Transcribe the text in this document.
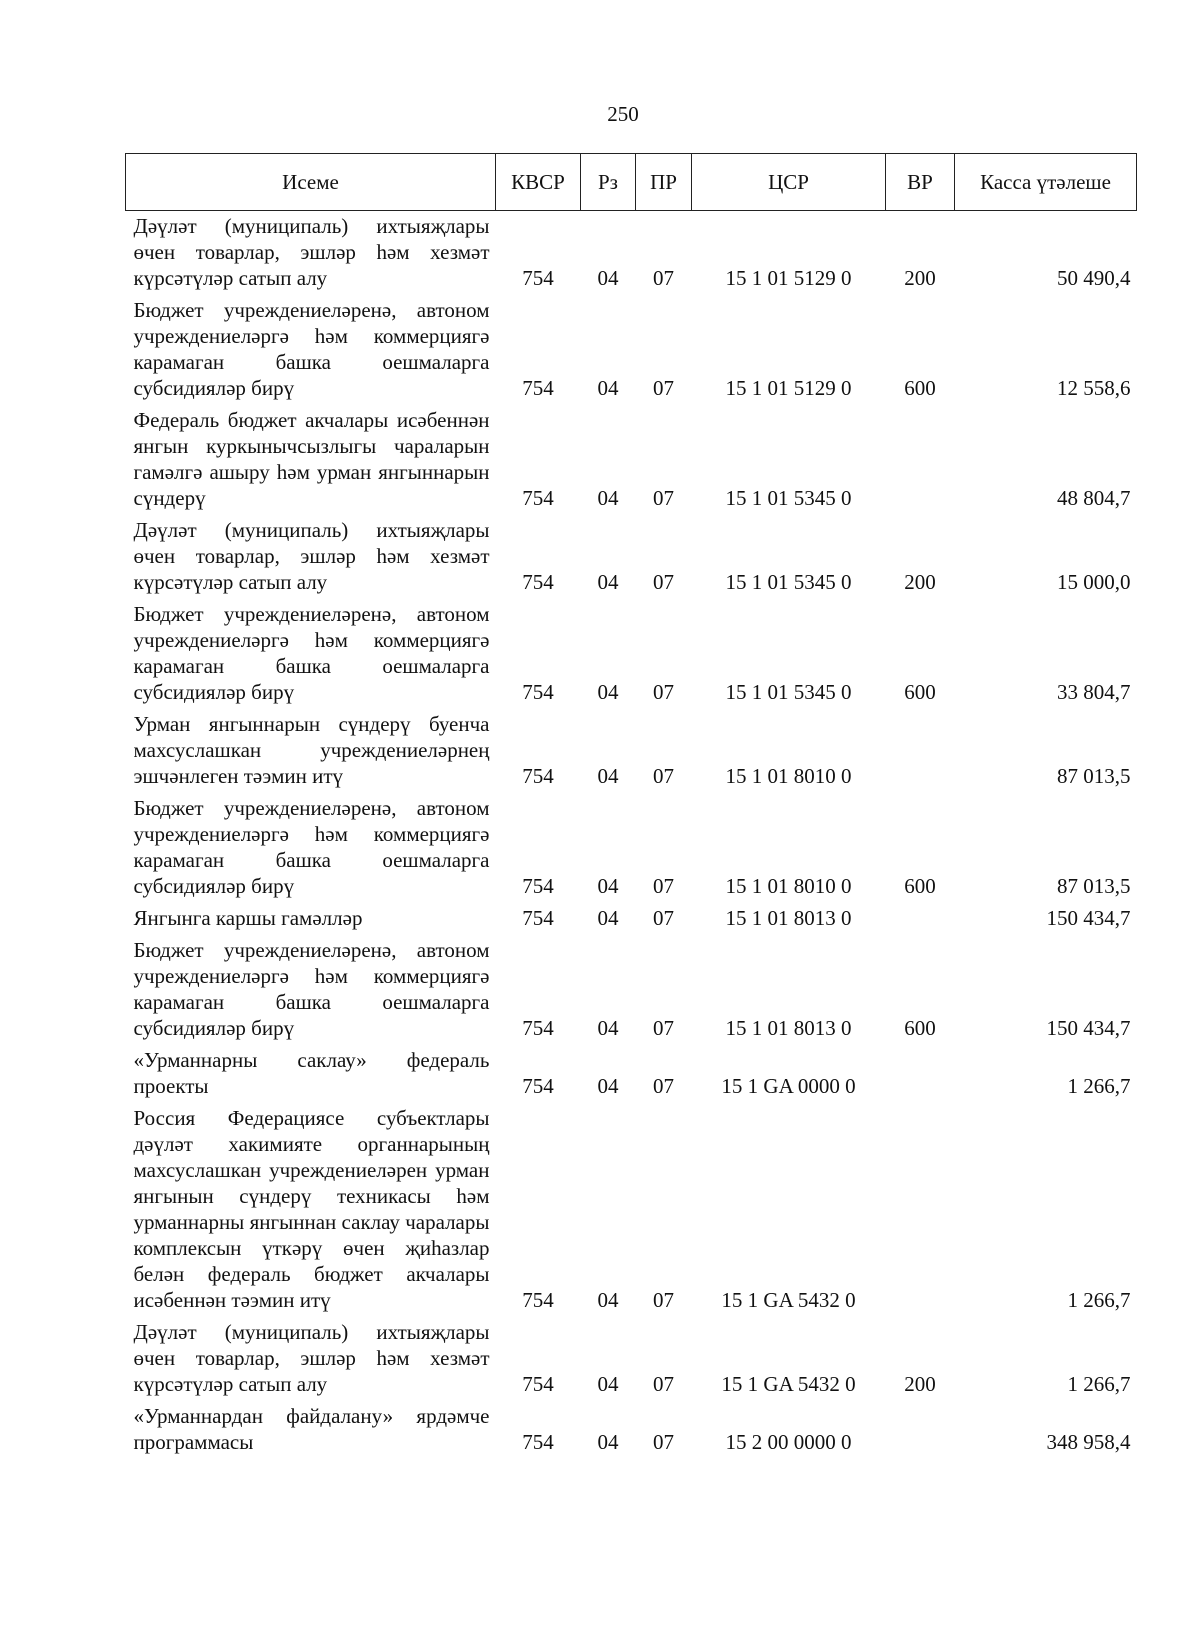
250
Исеме	КВСР	Рз	ПР	ЦСР	ВР	Касса үтәлеше
Дәүләт (муниципаль) ихтыяҗлары өчен товарлар, эшләр һәм хезмәт күрсәтүләр сатып алу	754	04	07	15 1 01 5129 0	200	50 490,4
Бюджет учреждениеләренә, автоном учреждениеләргә һәм коммерциягә карамаган башка оешмаларга субсидияләр бирү	754	04	07	15 1 01 5129 0	600	12 558,6
Федераль бюджет акчалары исәбеннән янгын куркынычсызлыгы чараларын гамәлгә ашыру һәм урман янгыннарын сүндерү	754	04	07	15 1 01 5345 0		48 804,7
Дәүләт (муниципаль) ихтыяҗлары өчен товарлар, эшләр һәм хезмәт күрсәтүләр сатып алу	754	04	07	15 1 01 5345 0	200	15 000,0
Бюджет учреждениеләренә, автоном учреждениеләргә һәм коммерциягә карамаган башка оешмаларга субсидияләр бирү	754	04	07	15 1 01 5345 0	600	33 804,7
Урман янгыннарын сүндерү буенча махсуслашкан учреждениеләрнең эшчәнлеген тәэмин итү	754	04	07	15 1 01 8010 0		87 013,5
Бюджет учреждениеләренә, автоном учреждениеләргә һәм коммерциягә карамаган башка оешмаларга субсидияләр бирү	754	04	07	15 1 01 8010 0	600	87 013,5
Янгынга каршы гамәлләр	754	04	07	15 1 01 8013 0		150 434,7
Бюджет учреждениеләренә, автоном учреждениеләргә һәм коммерциягә карамаган башка оешмаларга субсидияләр бирү	754	04	07	15 1 01 8013 0	600	150 434,7
«Урманнарны саклау» федераль проекты	754	04	07	15 1 GA 0000 0		1 266,7
Россия Федерациясе субъектлары дәүләт хакимияте органнарының махсуслашкан учреждениеләрен урман янгынын сүндерү техникасы һәм урманнарны янгыннан саклау чаралары комплексын үткәрү өчен җиһазлар белән федераль бюджет акчалары исәбеннән тәэмин итү	754	04	07	15 1 GA 5432 0		1 266,7
Дәүләт (муниципаль) ихтыяҗлары өчен товарлар, эшләр һәм хезмәт күрсәтүләр сатып алу	754	04	07	15 1 GA 5432 0	200	1 266,7
«Урманнардан файдалану» ярдәмче программасы	754	04	07	15 2 00 0000 0		348 958,4
